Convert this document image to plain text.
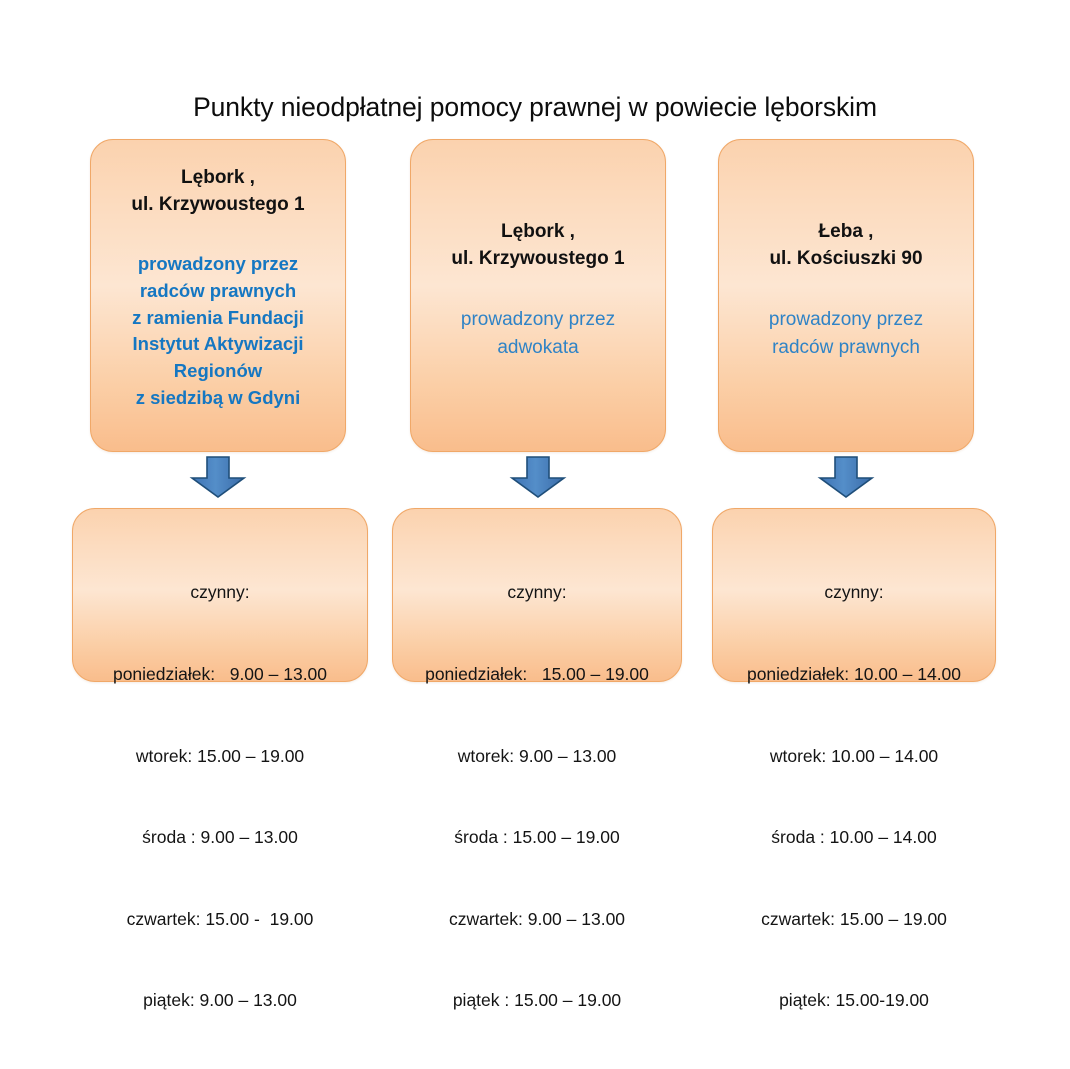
Punkty nieodpłatnej pomocy prawnej w powiecie lęborskim
Lębork ,
ul. Krzywoustego 1
prowadzony przez
radców prawnych
z ramienia Fundacji
Instytut Aktywizacji
Regionów
z siedzibą w Gdyni
Lębork ,
ul. Krzywoustego 1
prowadzony przez
adwokata
Łeba ,
ul. Kościuszki 90
prowadzony przez
radców prawnych

czynny:

poniedziałek:   9.00 – 13.00

wtorek: 15.00 – 19.00

środa : 9.00 – 13.00

czwartek: 15.00 -  19.00

piątek: 9.00 – 13.00

czynny:

poniedziałek:   15.00 – 19.00

wtorek: 9.00 – 13.00

środa : 15.00 – 19.00

czwartek: 9.00 – 13.00

piątek : 15.00 – 19.00

czynny:

poniedziałek: 10.00 – 14.00

wtorek: 10.00 – 14.00

środa : 10.00 – 14.00

czwartek: 15.00 – 19.00

piątek: 15.00-19.00
